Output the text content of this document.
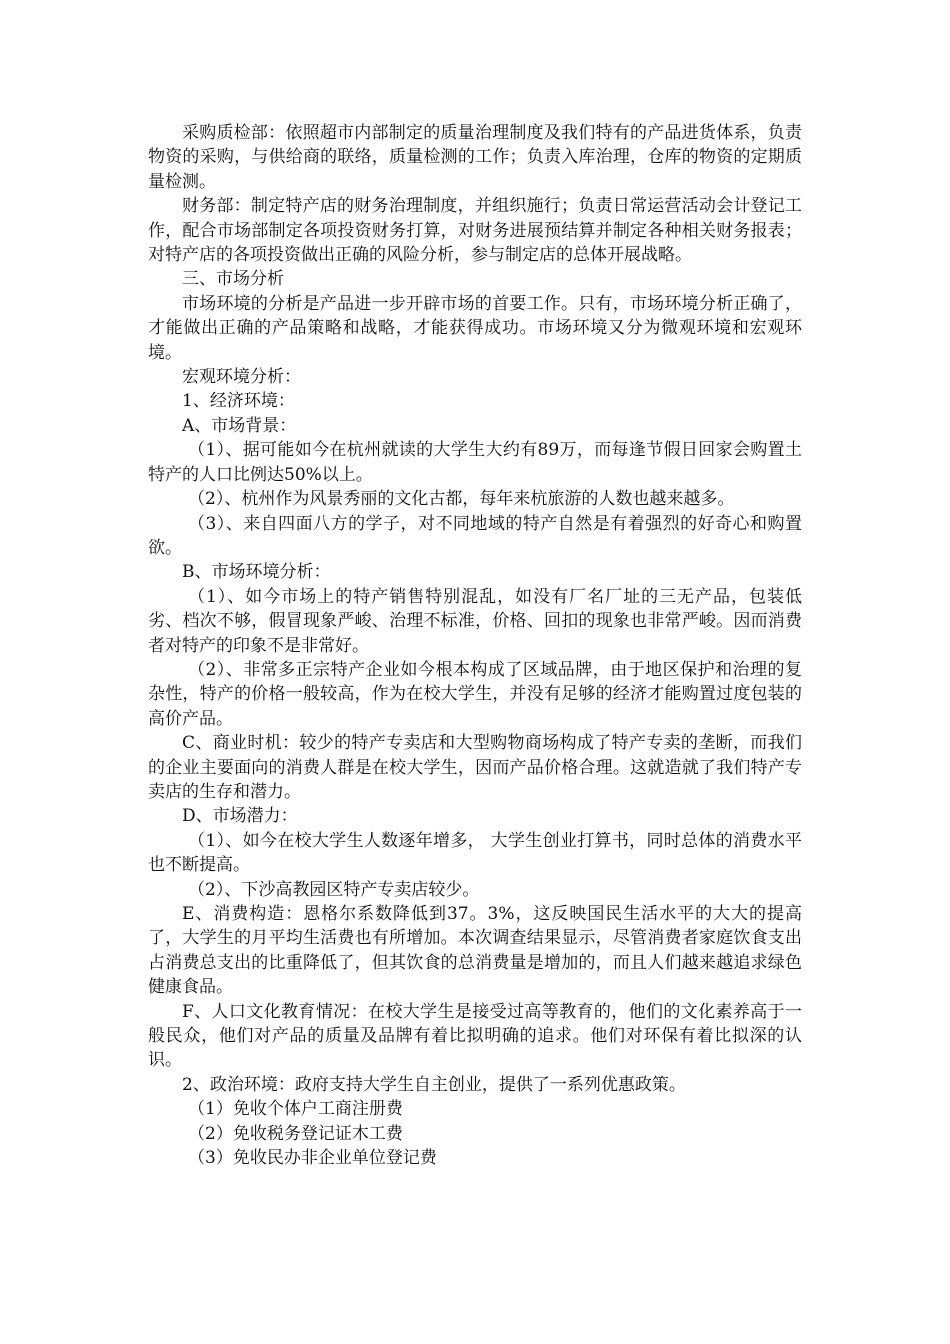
采购质检部：依照超市内部制定的质量治理制度及我们特有的产品进货体系，负责物资的采购，与供给商的联络，质量检测的工作；负责入库治理，仓库的物资的定期质量检测。

财务部：制定特产店的财务治理制度，并组织施行；负责日常运营活动会计登记工作，配合市场部制定各项投资财务打算，对财务进展预结算并制定各种相关财务报表；对特产店的各项投资做出正确的风险分析，参与制定店的总体开展战略。

三、市场分析

市场环境的分析是产品进一步开辟市场的首要工作。只有，市场环境分析正确了，才能做出正确的产品策略和战略，才能获得成功。市场环境又分为微观环境和宏观环境。

宏观环境分析：

1、经济环境：

A、市场背景：

（1）、据可能如今在杭州就读的大学生大约有89万，而每逢节假日回家会购置土特产的人口比例达50%以上。

（2）、杭州作为风景秀丽的文化古都，每年来杭旅游的人数也越来越多。

（3）、来自四面八方的学子，对不同地域的特产自然是有着强烈的好奇心和购置欲。

B、市场环境分析：

（1）、如今市场上的特产销售特别混乱，如没有厂名厂址的三无产品，包装低劣、档次不够，假冒现象严峻、治理不标准，价格、回扣的现象也非常严峻。因而消费者对特产的印象不是非常好。

（2）、非常多正宗特产企业如今根本构成了区域品牌，由于地区保护和治理的复杂性，特产的价格一般较高，作为在校大学生，并没有足够的经济才能购置过度包装的高价产品。

C、商业时机：较少的特产专卖店和大型购物商场构成了特产专卖的垄断，而我们的企业主要面向的消费人群是在校大学生，因而产品价格合理。这就造就了我们特产专卖店的生存和潜力。

D、市场潜力：

（1）、如今在校大学生人数逐年增多， 大学生创业打算书，同时总体的消费水平也不断提高。

（2）、下沙高教园区特产专卖店较少。

E、消费构造：恩格尔系数降低到37。3%，这反映国民生活水平的大大的提高了，大学生的月平均生活费也有所增加。本次调查结果显示，尽管消费者家庭饮食支出占消费总支出的比重降低了，但其饮食的总消费量是增加的，而且人们越来越追求绿色健康食品。

F、人口文化教育情况：在校大学生是接受过高等教育的，他们的文化素养高于一般民众，他们对产品的质量及品牌有着比拟明确的追求。他们对环保有着比拟深的认识。

2、政治环境：政府支持大学生自主创业，提供了一系列优惠政策。

（1）免收个体户工商注册费

（2）免收税务登记证木工费

（3）免收民办非企业单位登记费
